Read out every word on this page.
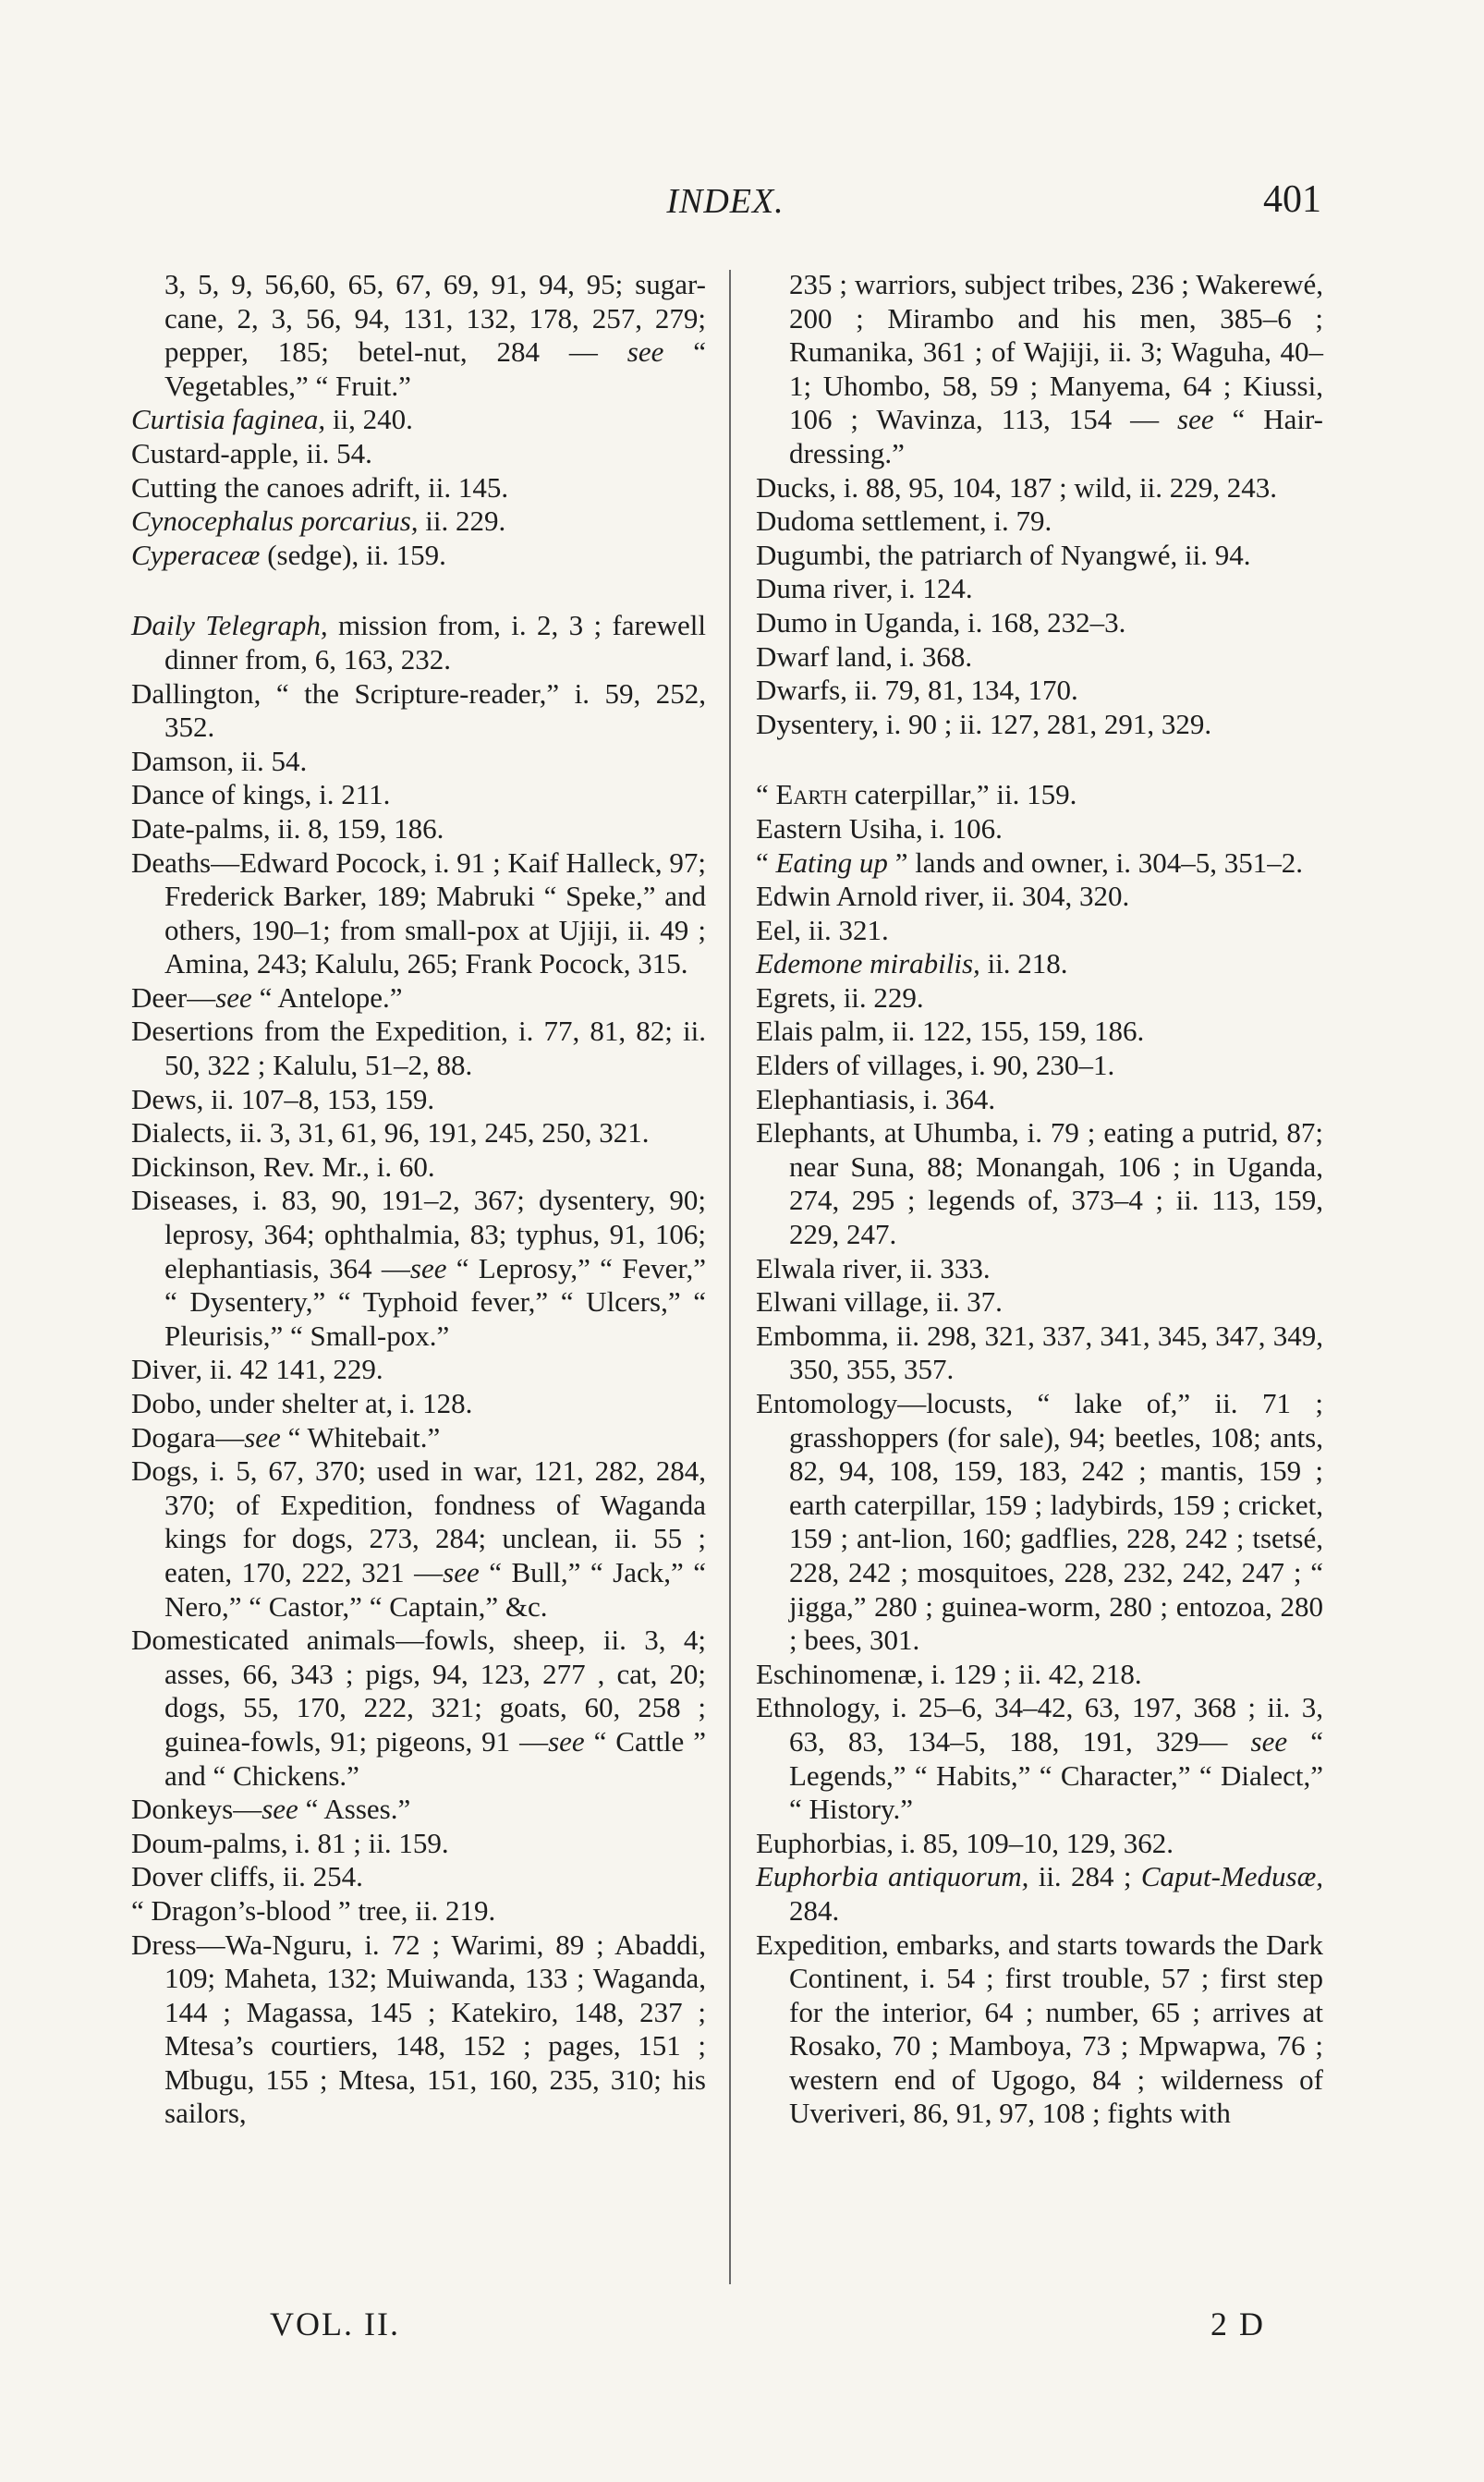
INDEX.	401

3, 5, 9, 56,60, 65, 67, 69, 91, 94, 95; sugar-cane, 2, 3, 56, 94, 131, 132, 178, 257, 279; pepper, 185; betel-nut, 284 — see “ Vegetables,” “ Fruit.”

Curtisia faginea, ii, 240.

Custard-apple, ii. 54.

Cutting the canoes adrift, ii. 145.

Cynocephalus porcarius, ii. 229.

Cyperaceæ (sedge), ii. 159.

Daily Telegraph, mission from, i. 2, 3 ; farewell dinner from, 6, 163, 232.

Dallington, “ the Scripture-reader,” i. 59, 252, 352.

Damson, ii. 54.

Dance of kings, i. 211.

Date-palms, ii. 8, 159, 186.

Deaths—Edward Pocock, i. 91 ; Kaif Halleck, 97; Frederick Barker, 189; Mabruki “ Speke,” and others, 190–1; from small-pox at Ujiji, ii. 49 ; Amina, 243; Kalulu, 265; Frank Pocock, 315.

Deer—see “ Antelope.”

Desertions from the Expedition, i. 77, 81, 82; ii. 50, 322 ; Kalulu, 51–2, 88.

Dews, ii. 107–8, 153, 159.

Dialects, ii. 3, 31, 61, 96, 191, 245, 250, 321.

Dickinson, Rev. Mr., i. 60.

Diseases, i. 83, 90, 191–2, 367; dysentery, 90; leprosy, 364; ophthalmia, 83; typhus, 91, 106; elephantiasis, 364 —see “ Leprosy,” “ Fever,” “ Dysentery,” “ Typhoid fever,” “ Ulcers,” “ Pleurisis,” “ Small-pox.”

Diver, ii. 42 141, 229.

Dobo, under shelter at, i. 128.

Dogara—see “ Whitebait.”

Dogs, i. 5, 67, 370; used in war, 121, 282, 284, 370; of Expedition, fondness of Waganda kings for dogs, 273, 284; unclean, ii. 55 ; eaten, 170, 222, 321 —see “ Bull,” “ Jack,” “ Nero,” “ Castor,” “ Captain,” &c.

Domesticated animals—fowls, sheep, ii. 3, 4; asses, 66, 343 ; pigs, 94, 123, 277 , cat, 20; dogs, 55, 170, 222, 321; goats, 60, 258 ; guinea-fowls, 91; pigeons, 91 —see “ Cattle ” and “ Chickens.”

Donkeys—see “ Asses.”

Doum-palms, i. 81 ; ii. 159.

Dover cliffs, ii. 254.

“ Dragon’s-blood ” tree, ii. 219.

Dress—Wa-Nguru, i. 72 ; Warimi, 89 ; Abaddi, 109; Maheta, 132; Muiwanda, 133 ; Waganda, 144 ; Magassa, 145 ; Katekiro, 148, 237 ; Mtesa’s courtiers, 148, 152 ; pages, 151 ; Mbugu, 155 ; Mtesa, 151, 160, 235, 310; his sailors,

235 ; warriors, subject tribes, 236 ; Wakerewé, 200 ; Mirambo and his men, 385–6 ; Rumanika, 361 ; of Wajiji, ii. 3; Waguha, 40–1; Uhombo, 58, 59 ; Manyema, 64 ; Kiussi, 106 ; Wavinza, 113, 154 — see “ Hair-dressing.”

Ducks, i. 88, 95, 104, 187 ; wild, ii. 229, 243.

Dudoma settlement, i. 79.

Dugumbi, the patriarch of Nyangwé, ii. 94.

Duma river, i. 124.

Dumo in Uganda, i. 168, 232–3.

Dwarf land, i. 368.

Dwarfs, ii. 79, 81, 134, 170.

Dysentery, i. 90 ; ii. 127, 281, 291, 329.

“ Earth caterpillar,” ii. 159.

Eastern Usiha, i. 106.

“ Eating up ” lands and owner, i. 304–5, 351–2.

Edwin Arnold river, ii. 304, 320.

Eel, ii. 321.

Edemone mirabilis, ii. 218.

Egrets, ii. 229.

Elais palm, ii. 122, 155, 159, 186.

Elders of villages, i. 90, 230–1.

Elephantiasis, i. 364.

Elephants, at Uhumba, i. 79 ; eating a putrid, 87; near Suna, 88; Monangah, 106 ; in Uganda, 274, 295 ; legends of, 373–4 ; ii. 113, 159, 229, 247.

Elwala river, ii. 333.

Elwani village, ii. 37.

Embomma, ii. 298, 321, 337, 341, 345, 347, 349, 350, 355, 357.

Entomology—locusts, “ lake of,” ii. 71 ; grasshoppers (for sale), 94; beetles, 108; ants, 82, 94, 108, 159, 183, 242 ; mantis, 159 ; earth caterpillar, 159 ; ladybirds, 159 ; cricket, 159 ; ant-lion, 160; gadflies, 228, 242 ; tsetsé, 228, 242 ; mosquitoes, 228, 232, 242, 247 ; “ jigga,” 280 ; guinea-worm, 280 ; entozoa, 280 ; bees, 301.

Eschinomenæ, i. 129 ; ii. 42, 218.

Ethnology, i. 25–6, 34–42, 63, 197, 368 ; ii. 3, 63, 83, 134–5, 188, 191, 329— see “ Legends,” “ Habits,” “ Character,” “ Dialect,” “ History.”

Euphorbias, i. 85, 109–10, 129, 362.

Euphorbia antiquorum, ii. 284 ; Caput-Medusæ, 284.

Expedition, embarks, and starts towards the Dark Continent, i. 54 ; first trouble, 57 ; first step for the interior, 64 ; number, 65 ; arrives at Rosako, 70 ; Mamboya, 73 ; Mpwapwa, 76 ; western end of Ugogo, 84 ; wilderness of Uveriveri, 86, 91, 97, 108 ; fights with

VOL. II.	2 D
